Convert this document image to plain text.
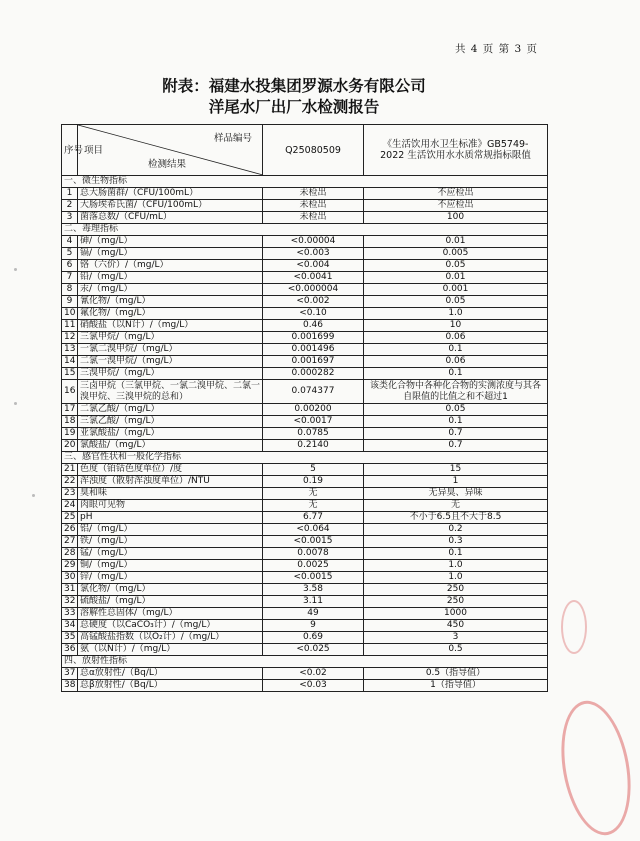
共 4 页 第 3 页
附表：福建水投集团罗源水务有限公司
洋尾水厂出厂水检测报告
序号	样品编号
项目
检测结果	Q25080509	《生活饮用水卫生标准》GB5749-2022 生活饮用水水质常规指标限值
一、微生物指标			
1	总大肠菌群/（CFU/100mL）	未检出	不应检出
2	大肠埃希氏菌/（CFU/100mL）	未检出	不应检出
3	菌落总数/（CFU/mL）	未检出	100
二、毒理指标			
4	砷/（mg/L）	<0.00004	0.01
5	镉/（mg/L）	<0.003	0.005
6	铬（六价）/（mg/L）	<0.004	0.05
7	铅/（mg/L）	<0.0041	0.01
8	汞/（mg/L）	<0.000004	0.001
9	氰化物/（mg/L）	<0.002	0.05
10	氟化物/（mg/L）	<0.10	1.0
11	硝酸盐（以N计）/（mg/L）	0.46	10
12	三氯甲烷/（mg/L）	0.001699	0.06
13	一氯二溴甲烷/（mg/L）	0.001496	0.1
14	二氯一溴甲烷/（mg/L）	0.001697	0.06
15	三溴甲烷/（mg/L）	0.000282	0.1
16	三卤甲烷（三氯甲烷、一氯二溴甲烷、二氯一溴甲烷、三溴甲烷的总和）	0.074377	该类化合物中各种化合物的实测浓度与其各自限值的比值之和不超过1
17	二氯乙酸/（mg/L）	0.00200	0.05
18	三氯乙酸/（mg/L）	<0.0017	0.1
19	亚氯酸盐/（mg/L）	0.0785	0.7
20	氯酸盐/（mg/L）	0.2140	0.7
三、感官性状和一般化学指标			
21	色度（铂钴色度单位）/度	5	15
22	浑浊度（散射浑浊度单位）/NTU	0.19	1
23	臭和味	无	无异臭、异味
24	肉眼可见物	无	无
25	pH	6.77	不小于6.5且不大于8.5
26	铝/（mg/L）	<0.064	0.2
27	铁/（mg/L）	<0.0015	0.3
28	锰/（mg/L）	0.0078	0.1
29	铜/（mg/L）	0.0025	1.0
30	锌/（mg/L）	<0.0015	1.0
31	氯化物/（mg/L）	3.58	250
32	硫酸盐/（mg/L）	3.11	250
33	溶解性总固体/（mg/L）	49	1000
34	总硬度（以CaCO₃计）/（mg/L）	9	450
35	高锰酸盐指数（以O₂计）/（mg/L）	0.69	3
36	氨（以N计）/（mg/L）	<0.025	0.5
四、放射性指标			
37	总α放射性/（Bq/L）	<0.02	0.5（指导值）
38	总β放射性/（Bq/L）	<0.03	1（指导值）
